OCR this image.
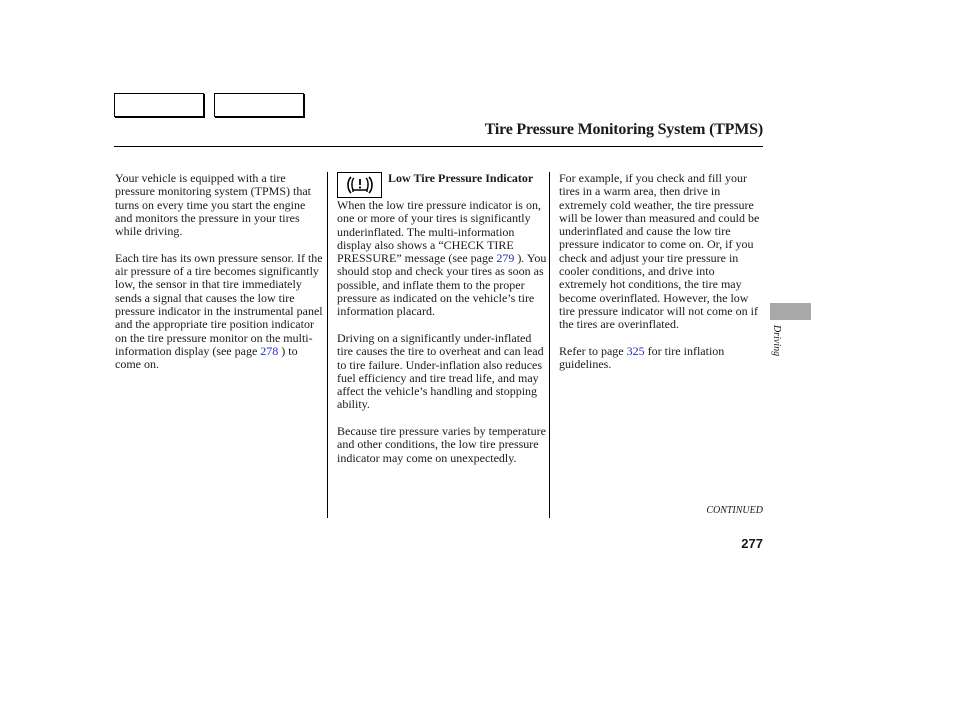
Tire Pressure Monitoring System (TPMS)

Your vehicle is equipped with a tire pressure monitoring system (TPMS) that turns on every time you start the engine and monitors the pressure in your tires while driving.

Each tire has its own pressure sensor. If the air pressure of a tire becomes significantly low, the sensor in that tire immediately sends a signal that causes the low tire pressure indicator in the instrumental panel and the appropriate tire position indicator on the tire pressure monitor on the multi-information display (see page 278 ) to come on.

Low Tire Pressure Indicator

When the low tire pressure indicator is on, one or more of your tires is significantly underinflated. The multi-information display also shows a “CHECK TIRE PRESSURE” message (see page 279 ). You should stop and check your tires as soon as possible, and inflate them to the proper pressure as indicated on the vehicle’s tire information placard.

Driving on a significantly under-inflated tire causes the tire to overheat and can lead to tire failure. Under-inflation also reduces fuel efficiency and tire tread life, and may affect the vehicle’s handling and stopping ability.

Because tire pressure varies by temperature and other conditions, the low tire pressure indicator may come on unexpectedly.

For example, if you check and fill your tires in a warm area, then drive in extremely cold weather, the tire pressure will be lower than measured and could be underinflated and cause the low tire pressure indicator to come on. Or, if you check and adjust your tire pressure in cooler conditions, and drive into extremely hot conditions, the tire may become overinflated. However, the low tire pressure indicator will not come on if the tires are overinflated.

Refer to page 325 for tire inflation guidelines.

Driving
CONTINUED
277
